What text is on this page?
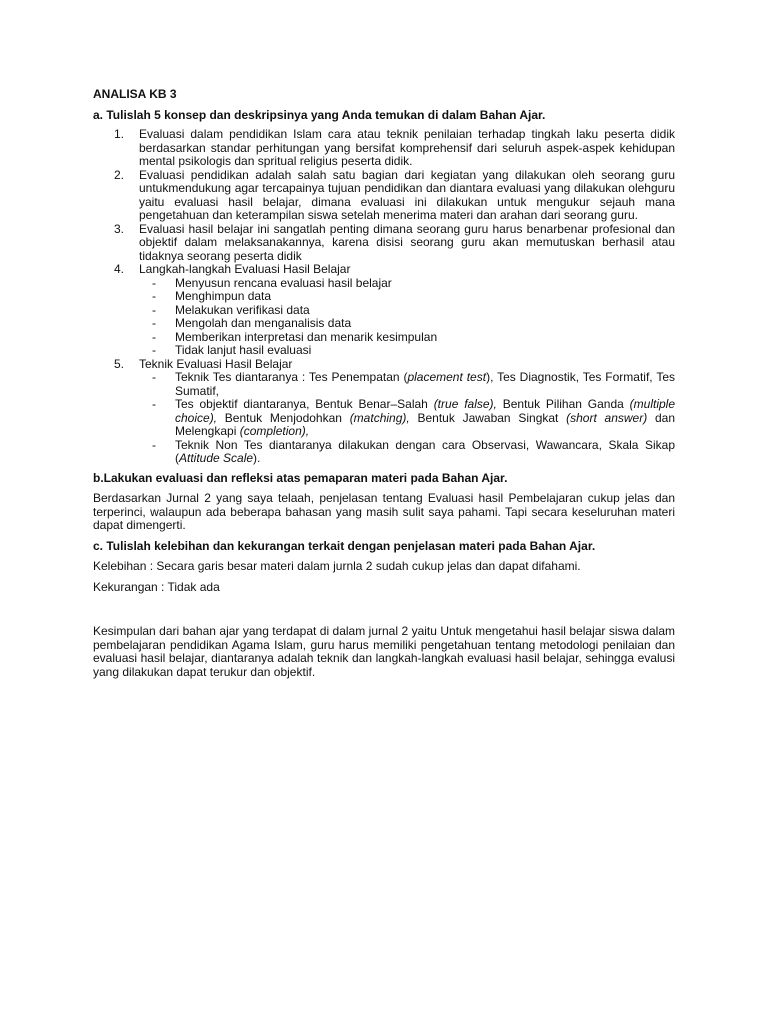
ANALISA KB 3
a. Tulislah 5 konsep dan deskripsinya yang Anda temukan di dalam Bahan Ajar.
1. Evaluasi dalam pendidikan Islam cara atau teknik penilaian terhadap tingkah laku peserta didik berdasarkan standar perhitungan yang bersifat komprehensif dari seluruh aspek-aspek kehidupan mental psikologis dan spritual religius peserta didik.
2. Evaluasi pendidikan adalah salah satu bagian dari kegiatan yang dilakukan oleh seorang guru untukmendukung agar tercapainya tujuan pendidikan dan diantara evaluasi yang dilakukan olehguru yaitu evaluasi hasil belajar, dimana evaluasi ini dilakukan untuk mengukur sejauh mana pengetahuan dan keterampilan siswa setelah menerima materi dan arahan dari seorang guru.
3. Evaluasi hasil belajar ini sangatlah penting dimana seorang guru harus benarbenar profesional dan objektif dalam melaksanakannya, karena disisi seorang guru akan memutuskan berhasil atau tidaknya seorang peserta didik
4. Langkah-langkah Evaluasi Hasil Belajar
- Menyusun rencana evaluasi hasil belajar
- Menghimpun data
- Melakukan verifikasi data
- Mengolah dan menganalisis data
- Memberikan interpretasi dan menarik kesimpulan
- Tidak lanjut hasil evaluasi
5. Teknik Evaluasi Hasil Belajar
- Teknik Tes diantaranya : Tes Penempatan (placement test), Tes Diagnostik, Tes Formatif, Tes Sumatif,
- Tes objektif diantaranya, Bentuk Benar–Salah (true false), Bentuk Pilihan Ganda (multiple choice), Bentuk Menjodohkan (matching), Bentuk Jawaban Singkat (short answer) dan Melengkapi (completion),
- Teknik Non Tes diantaranya dilakukan dengan cara Observasi, Wawancara, Skala Sikap (Attitude Scale).
b.Lakukan evaluasi dan refleksi atas pemaparan materi pada Bahan Ajar.

Berdasarkan Jurnal 2 yang saya telaah, penjelasan tentang Evaluasi hasil Pembelajaran cukup jelas dan terperinci, walaupun ada beberapa bahasan yang masih sulit saya pahami. Tapi secara keseluruhan materi dapat dimengerti.

c. Tulislah kelebihan dan kekurangan terkait dengan penjelasan materi pada Bahan Ajar.

Kelebihan : Secara garis besar materi dalam jurnla 2 sudah cukup jelas dan dapat difahami.

Kekurangan : Tidak ada

Kesimpulan dari bahan ajar yang terdapat di dalam jurnal 2 yaitu Untuk mengetahui hasil belajar siswa dalam pembelajaran pendidikan Agama Islam, guru harus memiliki pengetahuan tentang metodologi penilaian dan evaluasi hasil belajar, diantaranya adalah teknik dan langkah-langkah evaluasi hasil belajar, sehingga evalusi yang dilakukan dapat terukur dan objektif.
